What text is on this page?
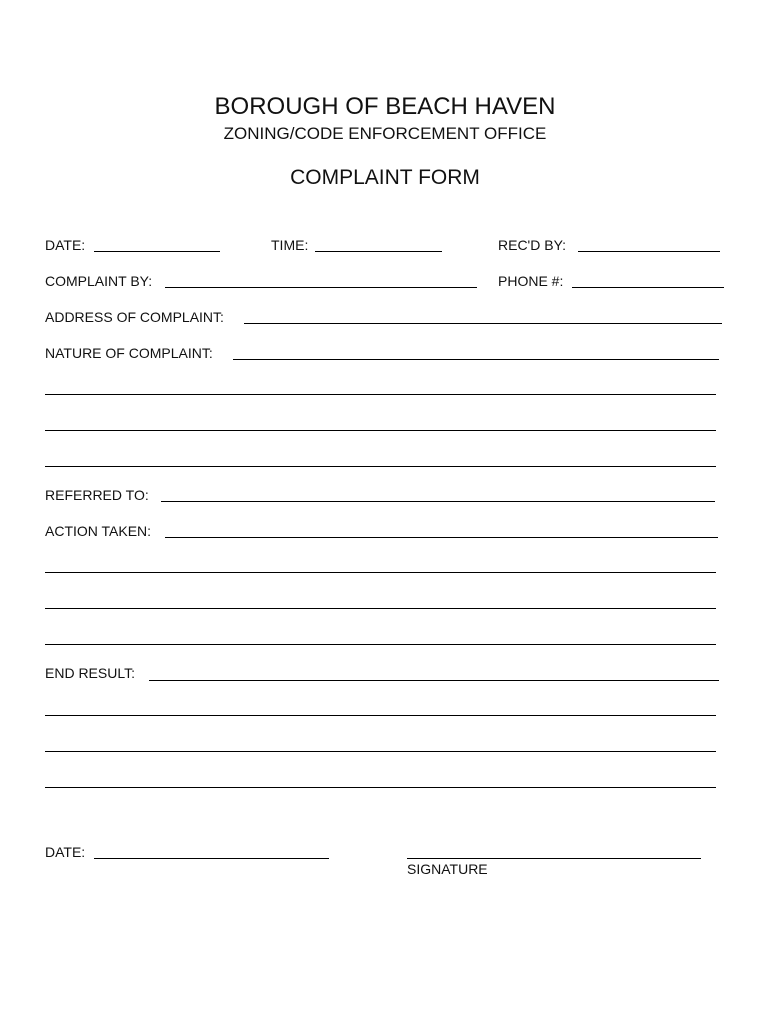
BOROUGH OF BEACH HAVEN
ZONING/CODE ENFORCEMENT OFFICE
COMPLAINT FORM
DATE:	TIME:	REC'D BY:
COMPLAINT BY:	PHONE #:
ADDRESS OF COMPLAINT:
NATURE OF COMPLAINT:
REFERRED TO:
ACTION TAKEN:
END RESULT:
DATE:
SIGNATURE
